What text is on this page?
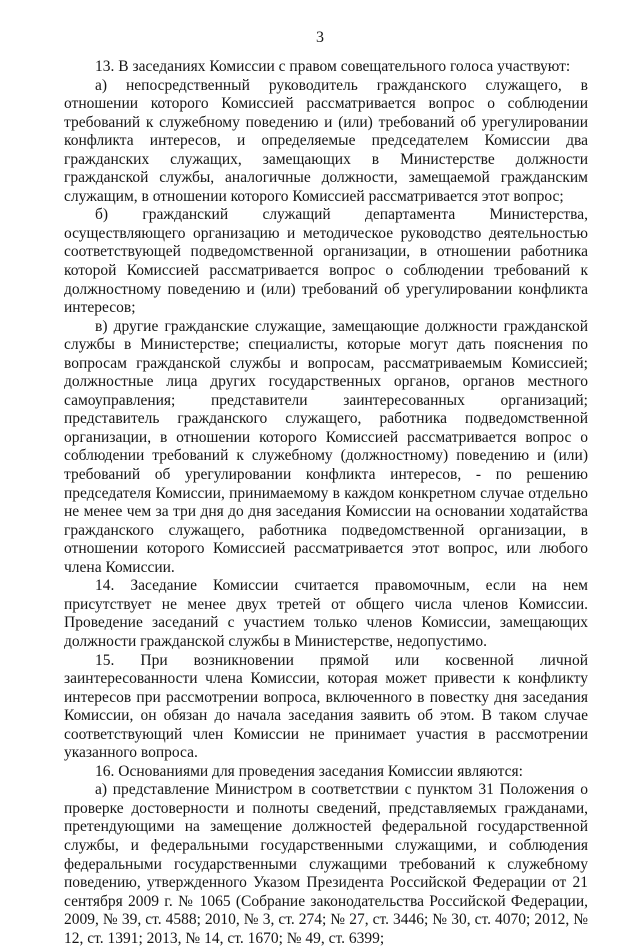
3

13. В заседаниях Комиссии с правом совещательного голоса участвуют:

а) непосредственный руководитель гражданского служащего, в отношении которого Комиссией рассматривается вопрос о соблюдении требований к служебному поведению и (или) требований об урегулировании конфликта интересов, и определяемые председателем Комиссии два гражданских служащих, замещающих в Министерстве должности гражданской службы, аналогичные должности, замещаемой гражданским служащим, в отношении которого Комиссией рассматривается этот вопрос;

б) гражданский служащий департамента Министерства, осуществляющего организацию и методическое руководство деятельностью соответствующей подведомственной организации, в отношении работника которой Комиссией рассматривается вопрос о соблюдении требований к должностному поведению и (или) требований об урегулировании конфликта интересов;

в) другие гражданские служащие, замещающие должности гражданской службы в Министерстве; специалисты, которые могут дать пояснения по вопросам гражданской службы и вопросам, рассматриваемым Комиссией; должностные лица других государственных органов, органов местного самоуправления; представители заинтересованных организаций; представитель гражданского служащего, работника подведомственной организации, в отношении которого Комиссией рассматривается вопрос о соблюдении требований к служебному (должностному) поведению и (или) требований об урегулировании конфликта интересов, - по решению председателя Комиссии, принимаемому в каждом конкретном случае отдельно не менее чем за три дня до дня заседания Комиссии на основании ходатайства гражданского служащего, работника подведомственной организации, в отношении которого Комиссией рассматривается этот вопрос, или любого члена Комиссии.

14. Заседание Комиссии считается правомочным, если на нем присутствует не менее двух третей от общего числа членов Комиссии. Проведение заседаний с участием только членов Комиссии, замещающих должности гражданской службы в Министерстве, недопустимо.

15. При возникновении прямой или косвенной личной заинтересованности члена Комиссии, которая может привести к конфликту интересов при рассмотрении вопроса, включенного в повестку дня заседания Комиссии, он обязан до начала заседания заявить об этом. В таком случае соответствующий член Комиссии не принимает участия в рассмотрении указанного вопроса.

16. Основаниями для проведения заседания Комиссии являются:

а) представление Министром в соответствии с пунктом 31 Положения о проверке достоверности и полноты сведений, представляемых гражданами, претендующими на замещение должностей федеральной государственной службы, и федеральными государственными служащими, и соблюдения федеральными государственными служащими требований к служебному поведению, утвержденного Указом Президента Российской Федерации от 21 сентября 2009 г. № 1065 (Собрание законодательства Российской Федерации, 2009, № 39, ст. 4588; 2010, № 3, ст. 274; № 27, ст. 3446; № 30, ст. 4070; 2012, № 12, ст. 1391; 2013, № 14, ст. 1670; № 49, ст. 6399;
